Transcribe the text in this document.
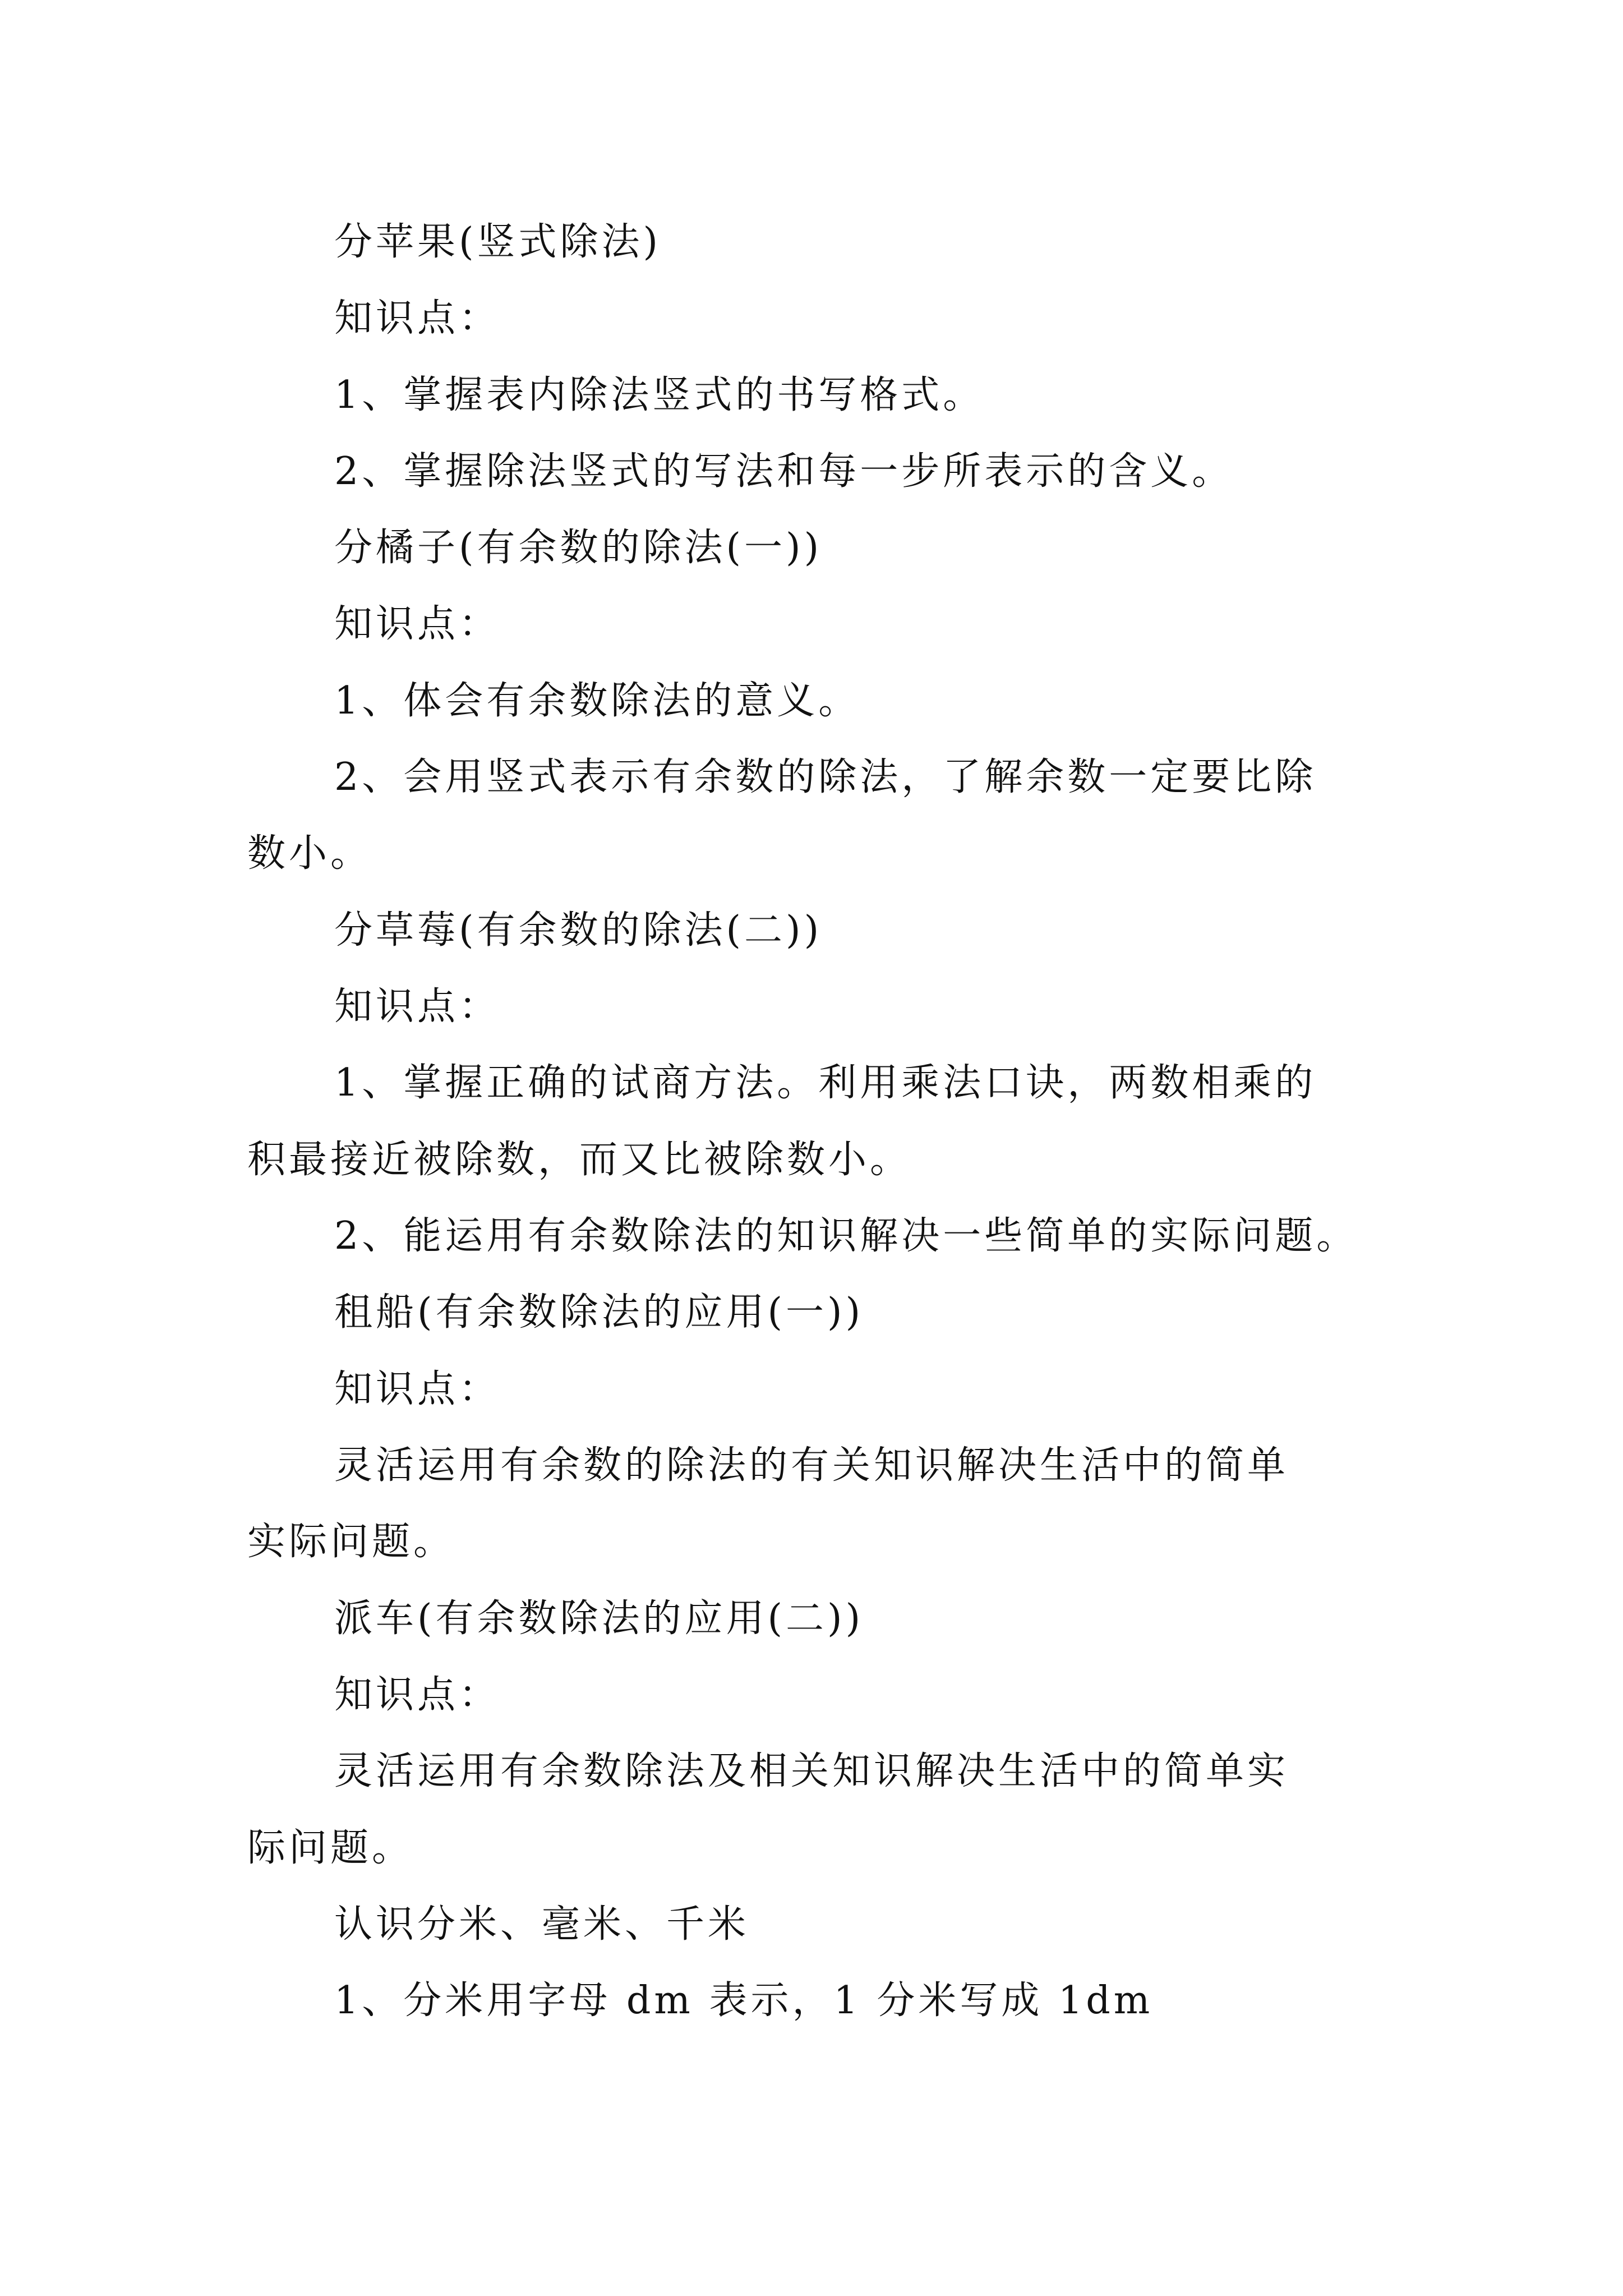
分苹果(竖式除法)
知识点：
1、掌握表内除法竖式的书写格式。
2、掌握除法竖式的写法和每一步所表示的含义。
分橘子(有余数的除法(一))
知识点：
1、体会有余数除法的意义。
2、会用竖式表示有余数的除法，了解余数一定要比除
数小。
分草莓(有余数的除法(二))
知识点：
1、掌握正确的试商方法。利用乘法口诀，两数相乘的
积最接近被除数，而又比被除数小。
2、能运用有余数除法的知识解决一些简单的实际问题。
租船(有余数除法的应用(一))
知识点：
灵活运用有余数的除法的有关知识解决生活中的简单
实际问题。
派车(有余数除法的应用(二))
知识点：
灵活运用有余数除法及相关知识解决生活中的简单实
际问题。
认识分米、毫米、千米
1、分米用字母 dm 表示，1 分米写成 1dm
